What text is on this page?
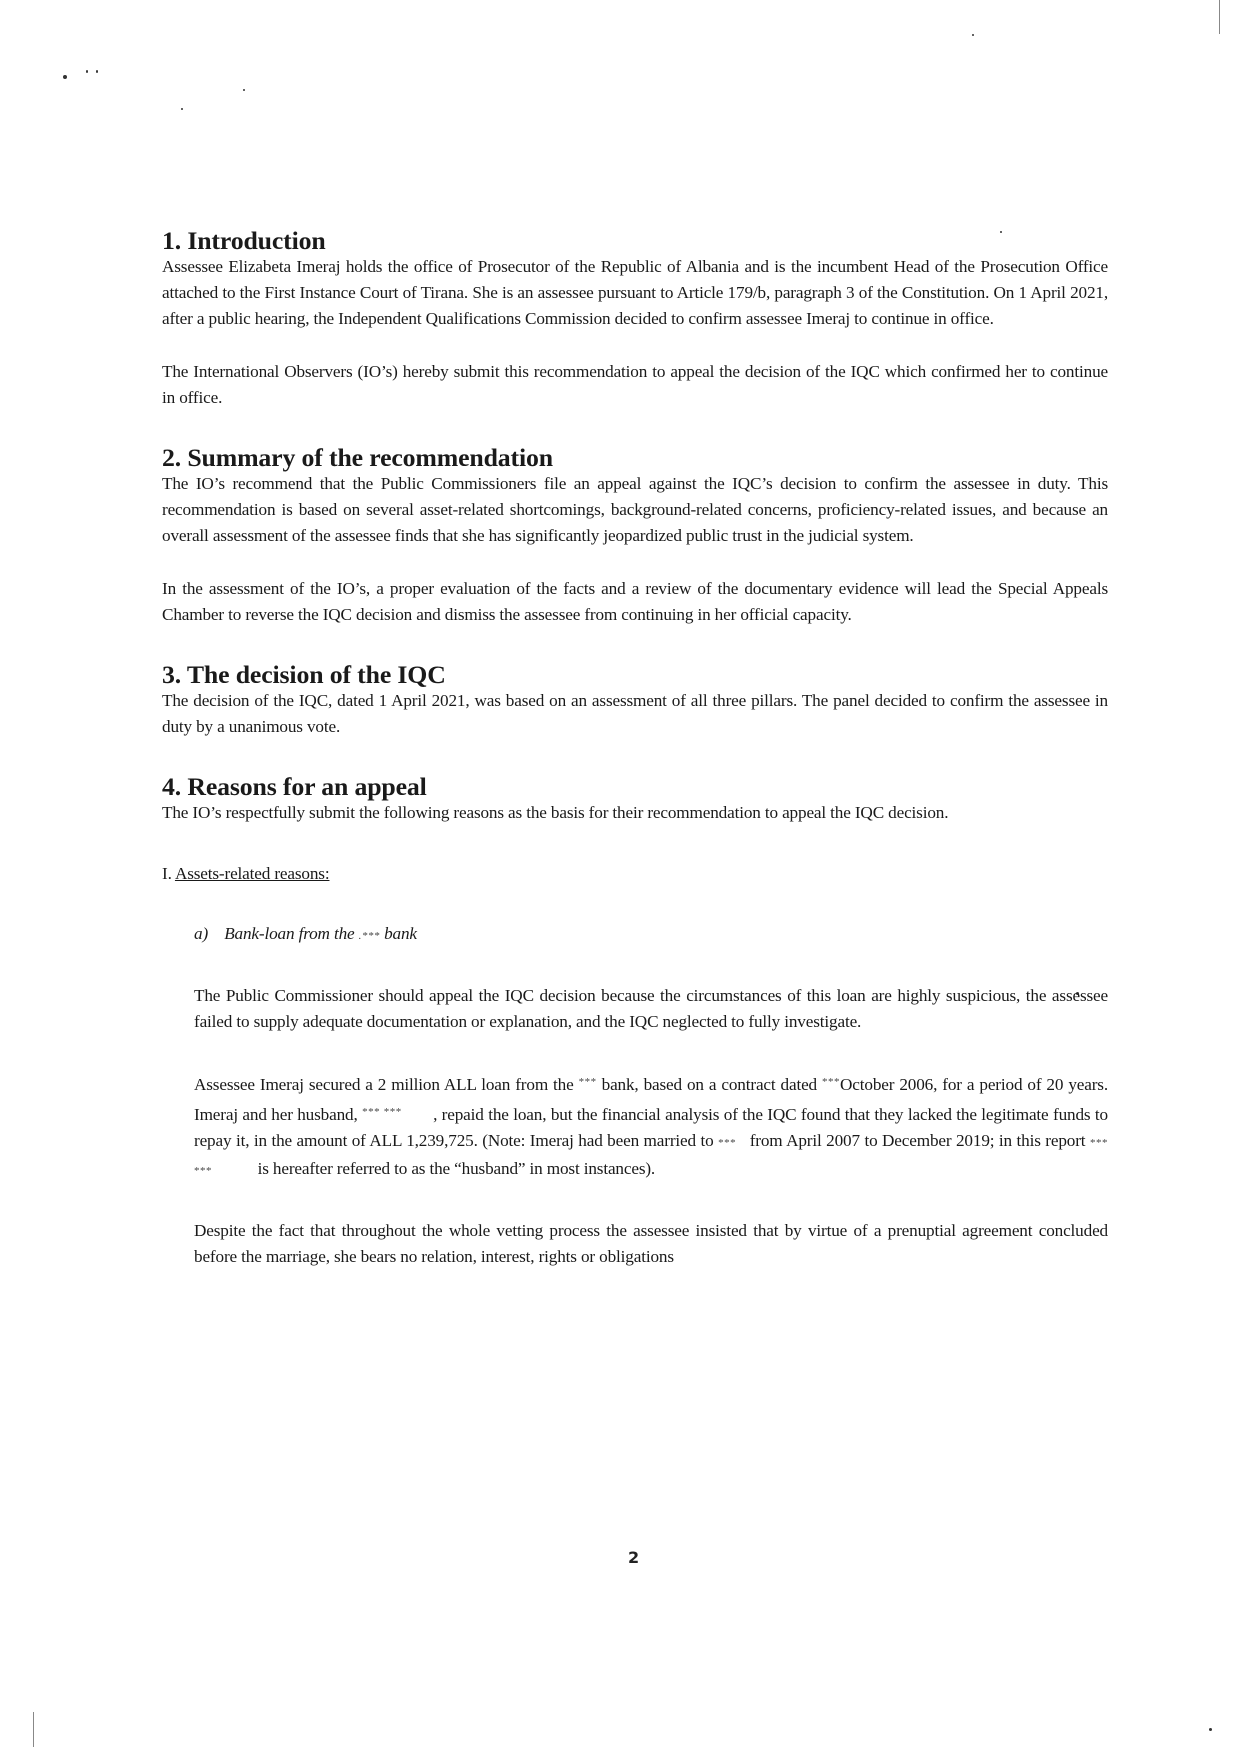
1. Introduction

Assessee Elizabeta Imeraj holds the office of Prosecutor of the Republic of Albania and is the incumbent Head of the Prosecution Office attached to the First Instance Court of Tirana. She is an assessee pursuant to Article 179/b, paragraph 3 of the Constitution. On 1 April 2021, after a public hearing, the Independent Qualifications Commission decided to confirm assessee Imeraj to continue in office.

The International Observers (IO’s) hereby submit this recommendation to appeal the decision of the IQC which confirmed her to continue in office.

2. Summary of the recommendation

The IO’s recommend that the Public Commissioners file an appeal against the IQC’s decision to confirm the assessee in duty. This recommendation is based on several asset-related shortcomings, background-related concerns, proficiency-related issues, and because an overall assessment of the assessee finds that she has significantly jeopardized public trust in the judicial system.

In the assessment of the IO’s, a proper evaluation of the facts and a review of the documentary evidence will lead the Special Appeals Chamber to reverse the IQC decision and dismiss the assessee from continuing in her official capacity.

3. The decision of the IQC

The decision of the IQC, dated 1 April 2021, was based on an assessment of all three pillars. The panel decided to confirm the assessee in duty by a unanimous vote.

4. Reasons for an appeal

The IO’s respectfully submit the following reasons as the basis for their recommendation to appeal the IQC decision.

I. Assets-related reasons:

a) Bank-loan from the .*** bank

The Public Commissioner should appeal the IQC decision because the circumstances of this loan are highly suspicious, the assessee failed to supply adequate documentation or explanation, and the IQC neglected to fully investigate.

Assessee Imeraj secured a 2 million ALL loan from the *** bank, based on a contract dated ***October 2006, for a period of 20 years. Imeraj and her husband, *** *** , repaid the loan, but the financial analysis of the IQC found that they lacked the legitimate funds to repay it, in the amount of ALL 1,239,725. (Note: Imeraj had been married to *** from April 2007 to December 2019; in this report *** ***	is hereafter referred to as the “husband” in most instances).

Despite the fact that throughout the whole vetting process the assessee insisted that by virtue of a prenuptial agreement concluded before the marriage, she bears no relation, interest, rights or obligations

2
